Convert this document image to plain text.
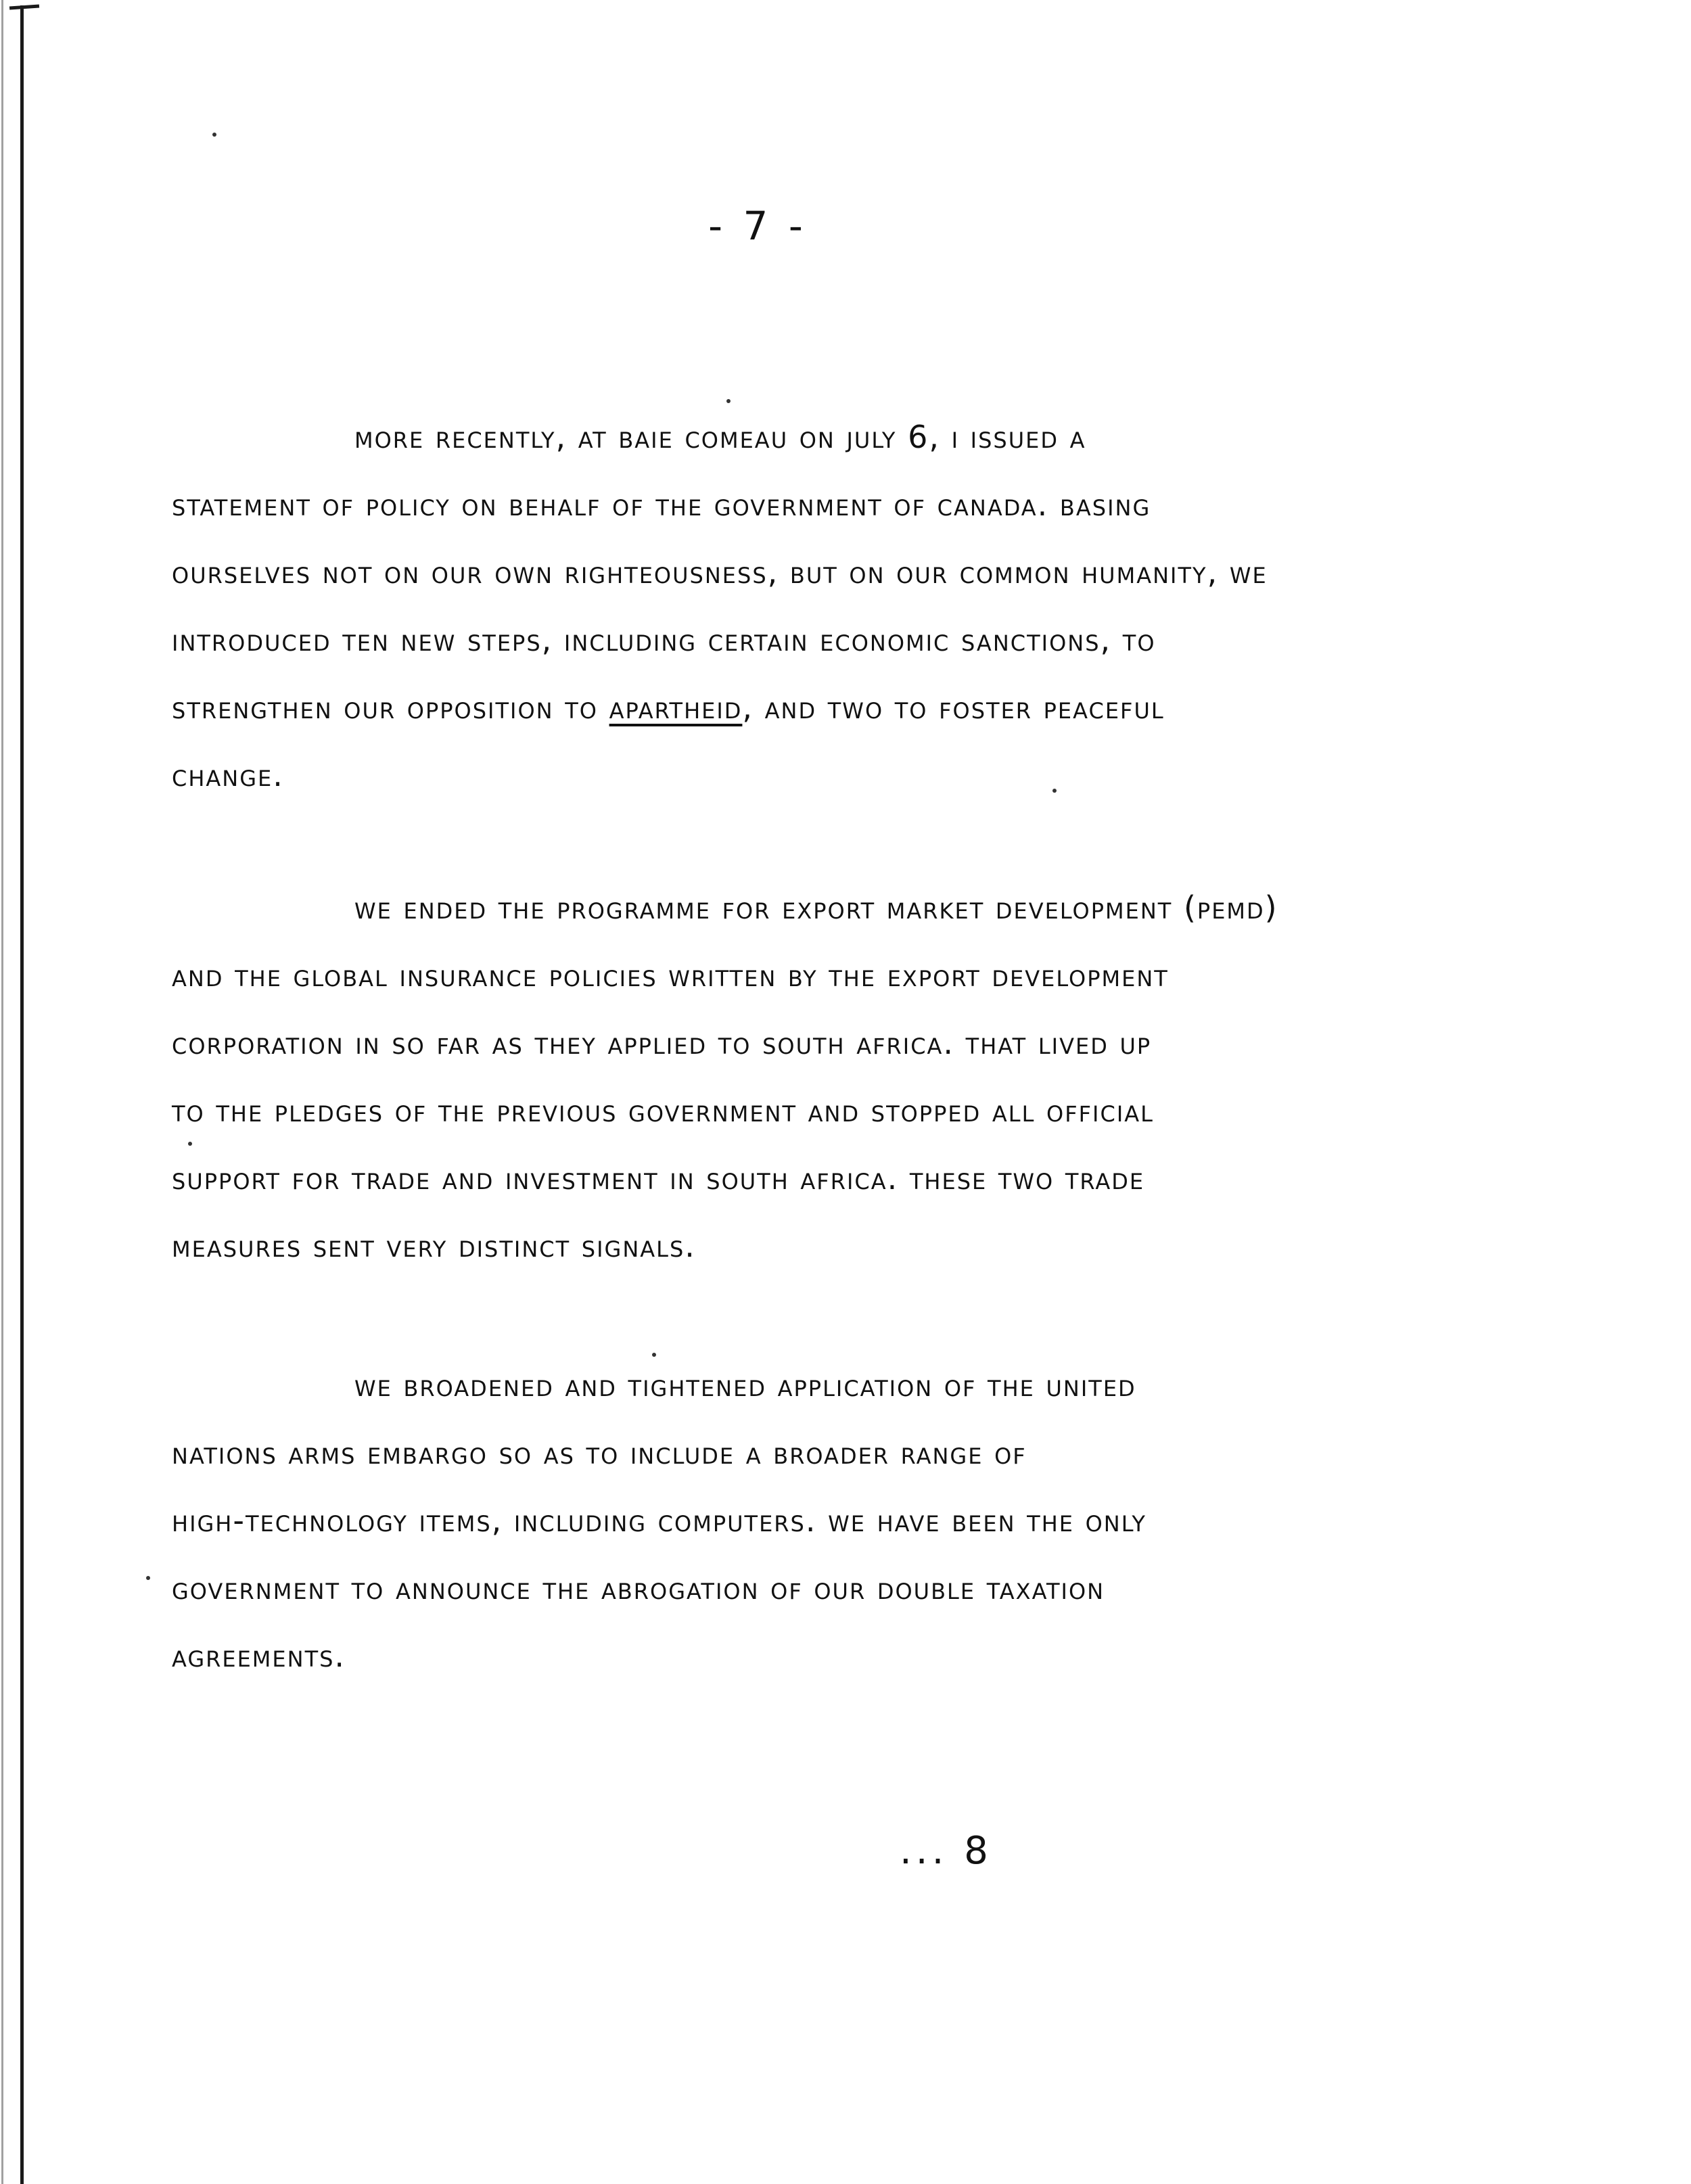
- 7 -
more recently, at baie comeau on july 6, i issued a
statement of policy on behalf of the government of canada. basing
ourselves not on our own righteousness, but on our common humanity, we
introduced ten new steps, including certain economic sanctions, to
strengthen our opposition to apartheid, and two to foster peaceful
change.
we ended the programme for export market development (pemd)
and the global insurance policies written by the export development
corporation in so far as they applied to south africa. that lived up
to the pledges of the previous government and stopped all official
support for trade and investment in south africa. these two trade
measures sent very distinct signals.
we broadened and tightened application of the united
nations arms embargo so as to include a broader range of
high-technology items, including computers. we have been the only
government to announce the abrogation of our double taxation
agreements.
... 8
